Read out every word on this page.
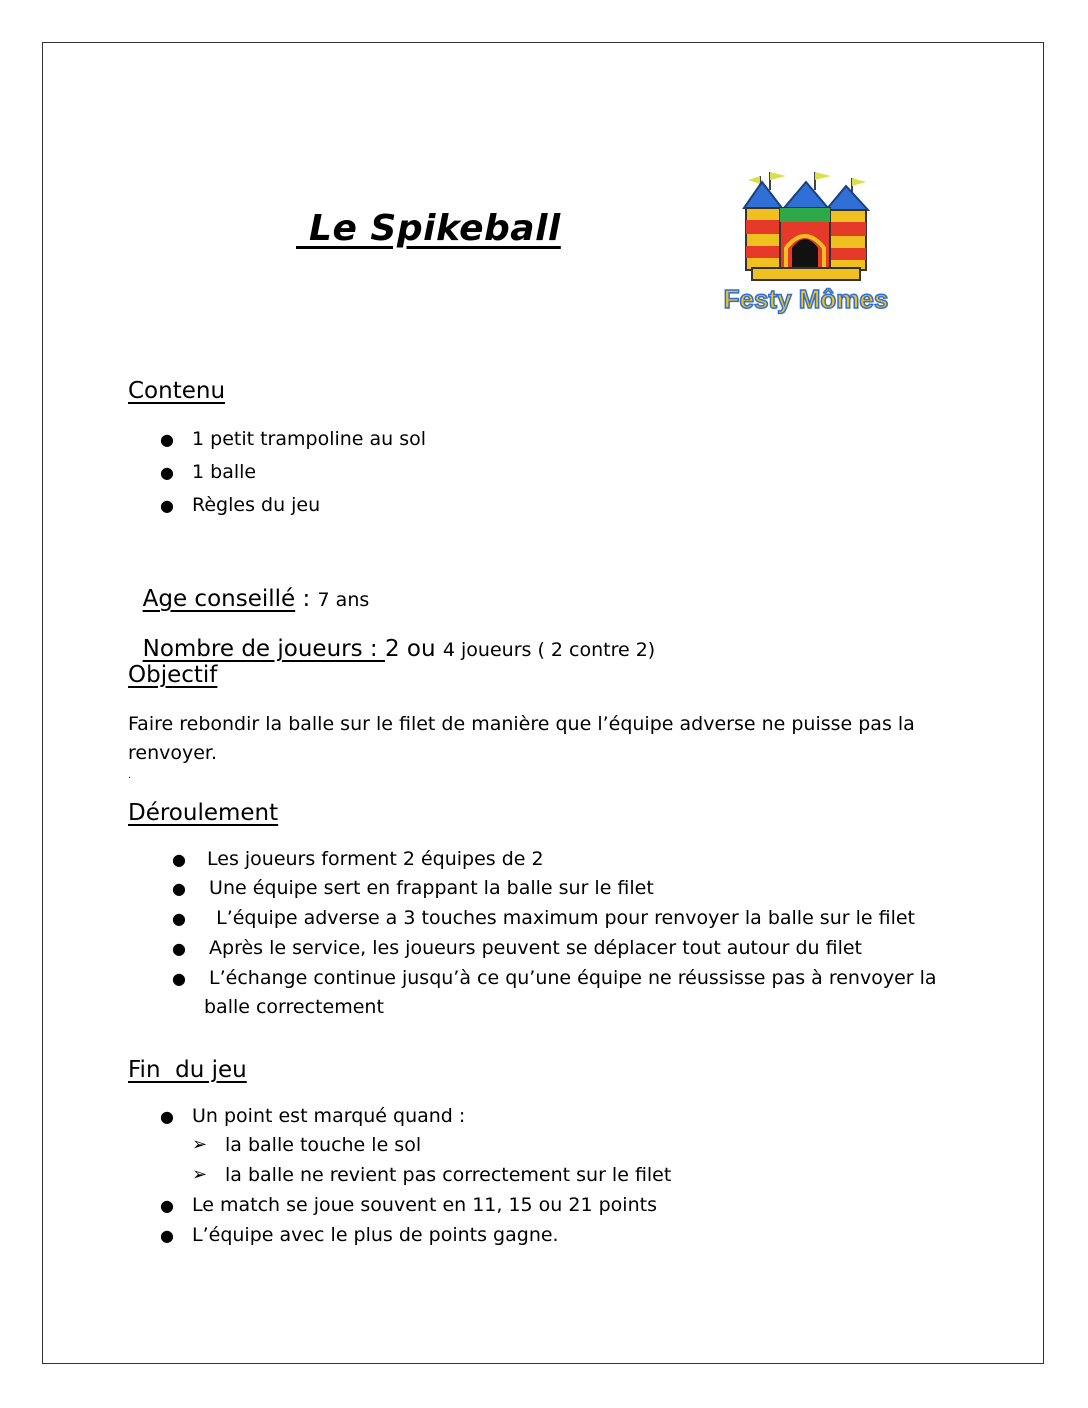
Le Spikeball
Festy Mômes
Contenu

●

1 petit trampoline au sol

●

1 balle

●

Règles du jeu

Age conseillé : 7 ans

Nombre de joueurs : 2 ou 4 joueurs ( 2 contre 2)

Objectif
Faire rebondir la balle sur le filet de manière que l’équipe adverse ne puisse pas la
renvoyer.
.
Déroulement

●

Les joueurs forment 2 équipes de 2

●

Une équipe sert en frappant la balle sur le filet

●

L’équipe adverse a 3 touches maximum pour renvoyer la balle sur le filet

●

Après le service, les joueurs peuvent se déplacer tout autour du filet

●

L’échange continue jusqu’à ce qu’une équipe ne réussisse pas à renvoyer la

balle correctement
Fin  du jeu

●

Un point est marqué quand :

➢

la balle touche le sol

➢

la balle ne revient pas correctement sur le filet

●

Le match se joue souvent en 11, 15 ou 21 points

●

L’équipe avec le plus de points gagne.
